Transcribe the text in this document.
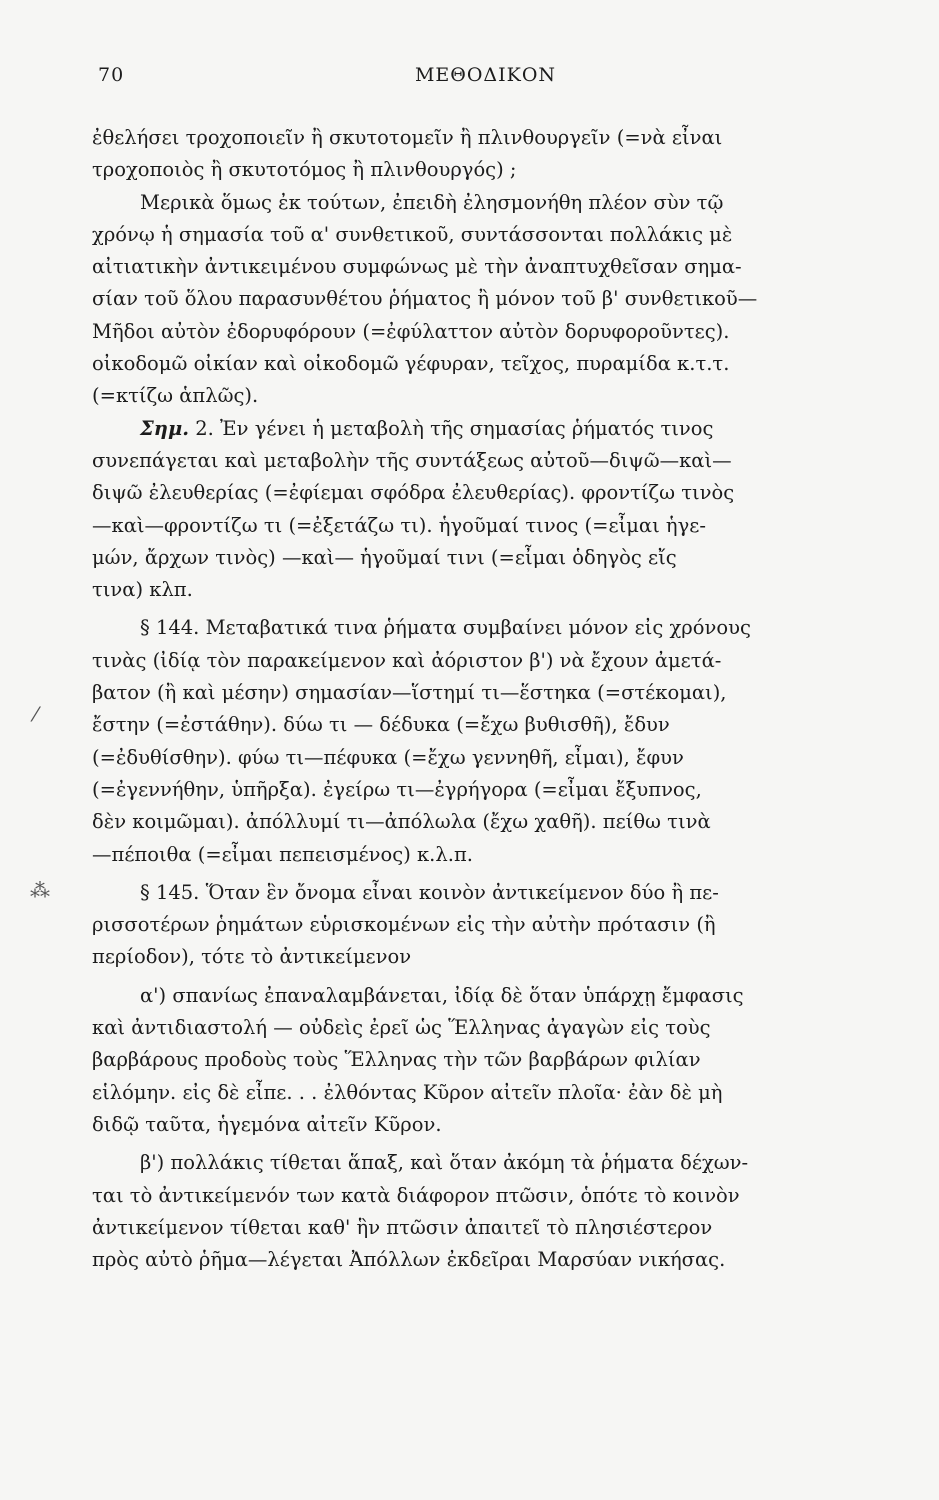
70	ΜΕΘΟΔΙΚΟΝ

ἐθελήσει τροχοποιεῖν ἢ σκυτοτομεῖν ἢ πλινθουργεῖν (=νὰ εἶναι
τροχοποιὸς ἢ σκυτοτόμος ἢ πλινθουργός) ;

Μερικὰ ὅμως ἐκ τούτων, ἐπειδὴ ἐλησμονήθη πλέον σὺν τῷ
χρόνῳ ἡ σημασία τοῦ α' συνθετικοῦ, συντάσσονται πολλάκις μὲ
αἰτιατικὴν ἀντικειμένου συμφώνως μὲ τὴν ἀναπτυχθεῖσαν σημα-
σίαν τοῦ ὅλου παρασυνθέτου ῥήματος ἢ μόνον τοῦ β' συνθετικοῦ—
Μῆδοι αὐτὸν ἐδορυφόρουν (=ἐφύλαττον αὐτὸν δορυφοροῦντες).
οἰκοδομῶ οἰκίαν καὶ οἰκοδομῶ γέφυραν, τεῖχος, πυραμίδα κ.τ.τ.
(=κτίζω ἁπλῶς).

Σημ. 2. Ἐν γένει ἡ μεταβολὴ τῆς σημασίας ῥήματός τινος
συνεπάγεται καὶ μεταβολὴν τῆς συντάξεως αὐτοῦ—διψῶ—καὶ—
διψῶ ἐλευθερίας (=ἐφίεμαι σφόδρα ἐλευθερίας). φροντίζω τινὸς
—καὶ—φροντίζω τι (=ἐξετάζω τι). ἡγοῦμαί τινος (=εἶμαι ἡγε-
μών, ἄρχων τινὸς) —καὶ— ἡγοῦμαί τινι (=εἶμαι ὁδηγὸς εἴς
τινα) κλπ.

§ 144. Μεταβατικά τινα ῥήματα συμβαίνει μόνον εἰς χρόνους
τινὰς (ἰδίᾳ τὸν παρακείμενον καὶ ἀόριστον β') νὰ ἔχουν ἀμετά-
βατον (ἢ καὶ μέσην) σημασίαν—ἵστημί τι—ἕστηκα (=στέκομαι),
ἔστην (=ἐστάθην). δύω τι — δέδυκα (=ἔχω βυθισθῆ), ἔδυν
(=ἐδυθίσθην). φύω τι—πέφυκα (=ἔχω γεννηθῆ, εἶμαι), ἔφυν
(=ἐγεννήθην, ὑπῆρξα). ἐγείρω τι—ἐγρήγορα (=εἶμαι ἔξυπνος,
δὲν κοιμῶμαι). ἀπόλλυμί τι—ἀπόλωλα (ἔχω χαθῆ). πείθω τινὰ
—πέποιθα (=εἶμαι πεπεισμένος) κ.λ.π.

§ 145. Ὅταν ἓν ὄνομα εἶναι κοινὸν ἀντικείμενον δύο ἢ πε-
ρισσοτέρων ῥημάτων εὑρισκομένων εἰς τὴν αὐτὴν πρότασιν (ἢ
περίοδον), τότε τὸ ἀντικείμενον

α') σπανίως ἐπαναλαμβάνεται, ἰδίᾳ δὲ ὅταν ὑπάρχῃ ἔμφασις
καὶ ἀντιδιαστολή — οὐδεὶς ἐρεῖ ὡς Ἕλληνας ἀγαγὼν εἰς τοὺς
βαρβάρους προδοὺς τοὺς Ἕλληνας τὴν τῶν βαρβάρων φιλίαν
εἱλόμην. εἰς δὲ εἶπε. . . ἐλθόντας Κῦρον αἰτεῖν πλοῖα· ἐὰν δὲ μὴ
διδῷ ταῦτα, ἡγεμόνα αἰτεῖν Κῦρον.

β') πολλάκις τίθεται ἅπαξ, καὶ ὅταν ἀκόμη τὰ ῥήματα δέχων-
ται τὸ ἀντικείμενόν των κατὰ διάφορον πτῶσιν, ὁπότε τὸ κοινὸν
ἀντικείμενον τίθεται καθ' ἣν πτῶσιν ἀπαιτεῖ τὸ πλησιέστερον
πρὸς αὐτὸ ῥῆμα—λέγεται Ἀπόλλων ἐκδεῖραι Μαρσύαν νικήσας.

⁄
⁂
